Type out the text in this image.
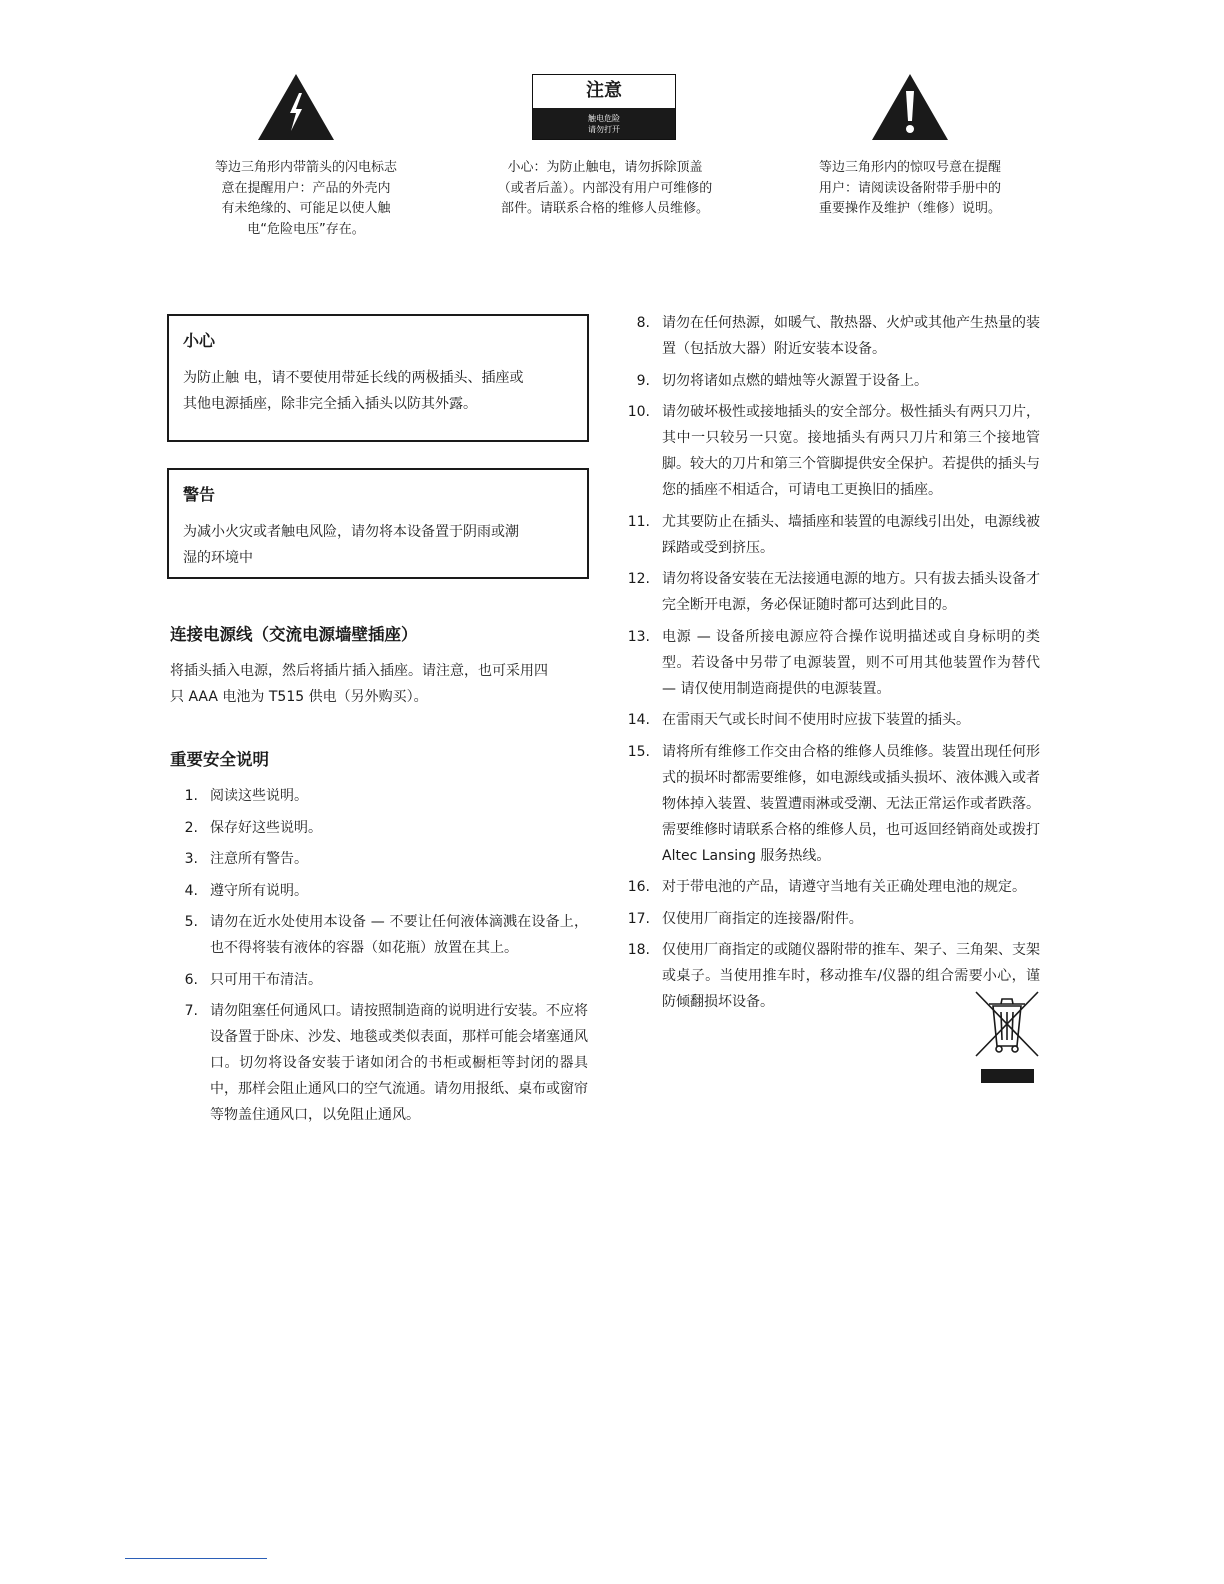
等边三角形内带箭头的闪电标志
意在提醒用户：产品的外壳内
有未绝缘的、可能足以使人触
电“危险电压”存在。
注意
触电危险
请勿打开
小心：为防止触电，请勿拆除顶盖
（或者后盖）。内部没有用户可维修的
部件。请联系合格的维修人员维修。
等边三角形内的惊叹号意在提醒
用户：请阅读设备附带手册中的
重要操作及维护（维修）说明。
小心

为防止触 电，请不要使用带延长线的两极插头、插座或
其他电源插座，除非完全插入插头以防其外露。

警告

为减小火灾或者触电风险，请勿将本设备置于阴雨或潮
湿的环境中

连接电源线（交流电源墙壁插座）
将插头插入电源，然后将插片插入插座。请注意，也可采用四
只 AAA 电池为 T515 供电（另外购买）。
重要安全说明
1. 阅读这些说明。
2. 保存好这些说明。
3. 注意所有警告。
4. 遵守所有说明。
5. 请勿在近水处使用本设备 — 不要让任何液体滴溅在设备上，也不得将装有液体的容器（如花瓶）放置在其上。
6. 只可用干布清洁。
7. 请勿阻塞任何通风口。请按照制造商的说明进行安装。不应将设备置于卧床、沙发、地毯或类似表面，那样可能会堵塞通风口。切勿将设备安装于诸如闭合的书柜或橱柜等封闭的器具中，那样会阻止通风口的空气流通。请勿用报纸、桌布或窗帘等物盖住通风口，以免阻止通风。
8. 请勿在任何热源，如暖气、散热器、火炉或其他产生热量的装置（包括放大器）附近安装本设备。
9. 切勿将诸如点燃的蜡烛等火源置于设备上。
10. 请勿破坏极性或接地插头的安全部分。极性插头有两只刀片，其中一只较另一只宽。接地插头有两只刀片和第三个接地管脚。较大的刀片和第三个管脚提供安全保护。若提供的插头与您的插座不相适合，可请电工更换旧的插座。
11. 尤其要防止在插头、墙插座和装置的电源线引出处，电源线被踩踏或受到挤压。
12. 请勿将设备安装在无法接通电源的地方。只有拔去插头设备才完全断开电源，务必保证随时都可达到此目的。
13. 电源 — 设备所接电源应符合操作说明描述或自身标明的类型。若设备中另带了电源装置，则不可用其他装置作为替代 — 请仅使用制造商提供的电源装置。
14. 在雷雨天气或长时间不使用时应拔下装置的插头。
15. 请将所有维修工作交由合格的维修人员维修。装置出现任何形式的损坏时都需要维修，如电源线或插头损坏、液体溅入或者物体掉入装置、装置遭雨淋或受潮、无法正常运作或者跌落。需要维修时请联系合格的维修人员，也可返回经销商处或拨打 Altec Lansing 服务热线。
16. 对于带电池的产品，请遵守当地有关正确处理电池的规定。
17. 仅使用厂商指定的连接器/附件。
18. 仅使用厂商指定的或随仪器附带的推车、架子、三角架、支架或桌子。当使用推车时，移动推车/仪器的组合需要小心，谨防倾翻损坏设备。
